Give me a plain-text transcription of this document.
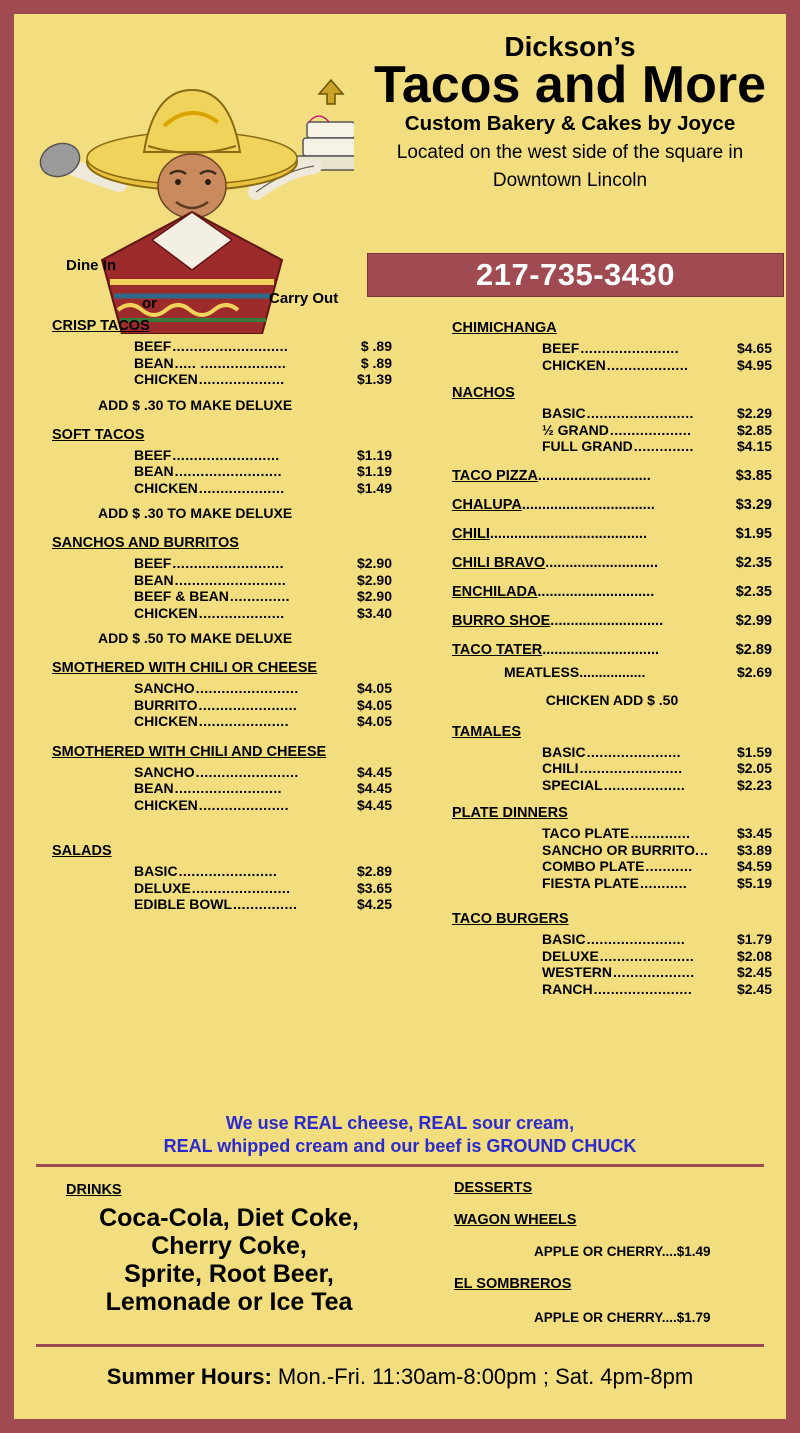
Dickson’s
Tacos and More
Custom Bakery & Cakes by Joyce
Located on the west side of the square in
Downtown Lincoln
217-735-3430
Dine In
or	Carry Out
CRISP TACOS
BEEF ...........................	$ .89
BEAN ..... ....................	$ .89
CHICKEN ....................	$1.39
ADD $ .30 TO MAKE DELUXE
SOFT TACOS
BEEF .........................	$1.19
BEAN .........................	$1.19
CHICKEN ....................	$1.49
ADD $ .30 TO MAKE DELUXE
SANCHOS AND BURRITOS
BEEF ..........................	$2.90
BEAN ..........................	$2.90
BEEF & BEAN ..............	$2.90
CHICKEN ....................	$3.40
ADD $ .50 TO MAKE DELUXE
SMOTHERED WITH CHILI OR CHEESE
SANCHO ........................	$4.05
BURRITO .......................	$4.05
CHICKEN .....................	$4.05
SMOTHERED WITH CHILI AND CHEESE
SANCHO ........................	$4.45
BEAN .........................	$4.45
CHICKEN .....................	$4.45
SALADS
BASIC .......................	$2.89
DELUXE .......................	$3.65
EDIBLE BOWL ...............	$4.25
CHIMICHANGA
BEEF .......................	$4.65
CHICKEN ...................	$4.95
NACHOS
BASIC .........................	$2.29
½ GRAND ...................	$2.85
FULL GRAND ..............	$4.15
TACO PIZZA ............................	$3.85
CHALUPA .................................	$3.29
CHILI .......................................	$1.95
CHILI BRAVO ............................	$2.35
ENCHILADA .............................	$2.35
BURRO SHOE ............................	$2.99
TACO TATER .............................	$2.89
MEATLESS .................	$2.69
CHICKEN ADD $ .50
TAMALES
BASIC ......................	$1.59
CHILI ........................	$2.05
SPECIAL ...................	$2.23
PLATE DINNERS
TACO PLATE ..............	$3.45
SANCHO OR BURRITO. ..	$3.89
COMBO PLATE ...........	$4.59
FIESTA PLATE ...........	$5.19
TACO BURGERS
BASIC .......................	$1.79
DELUXE ......................	$2.08
WESTERN ...................	$2.45
RANCH .......................	$2.45
We use REAL cheese, REAL sour cream,
REAL whipped cream and our beef is GROUND CHUCK
DRINKS
Coca-Cola, Diet Coke,
Cherry Coke,
Sprite, Root Beer,
Lemonade or Ice Tea
DESSERTS
WAGON WHEELS
APPLE OR CHERRY....$1.49
EL SOMBREROS
APPLE OR CHERRY....$1.79
Summer Hours: Mon.-Fri. 11:30am-8:00pm ; Sat. 4pm-8pm
